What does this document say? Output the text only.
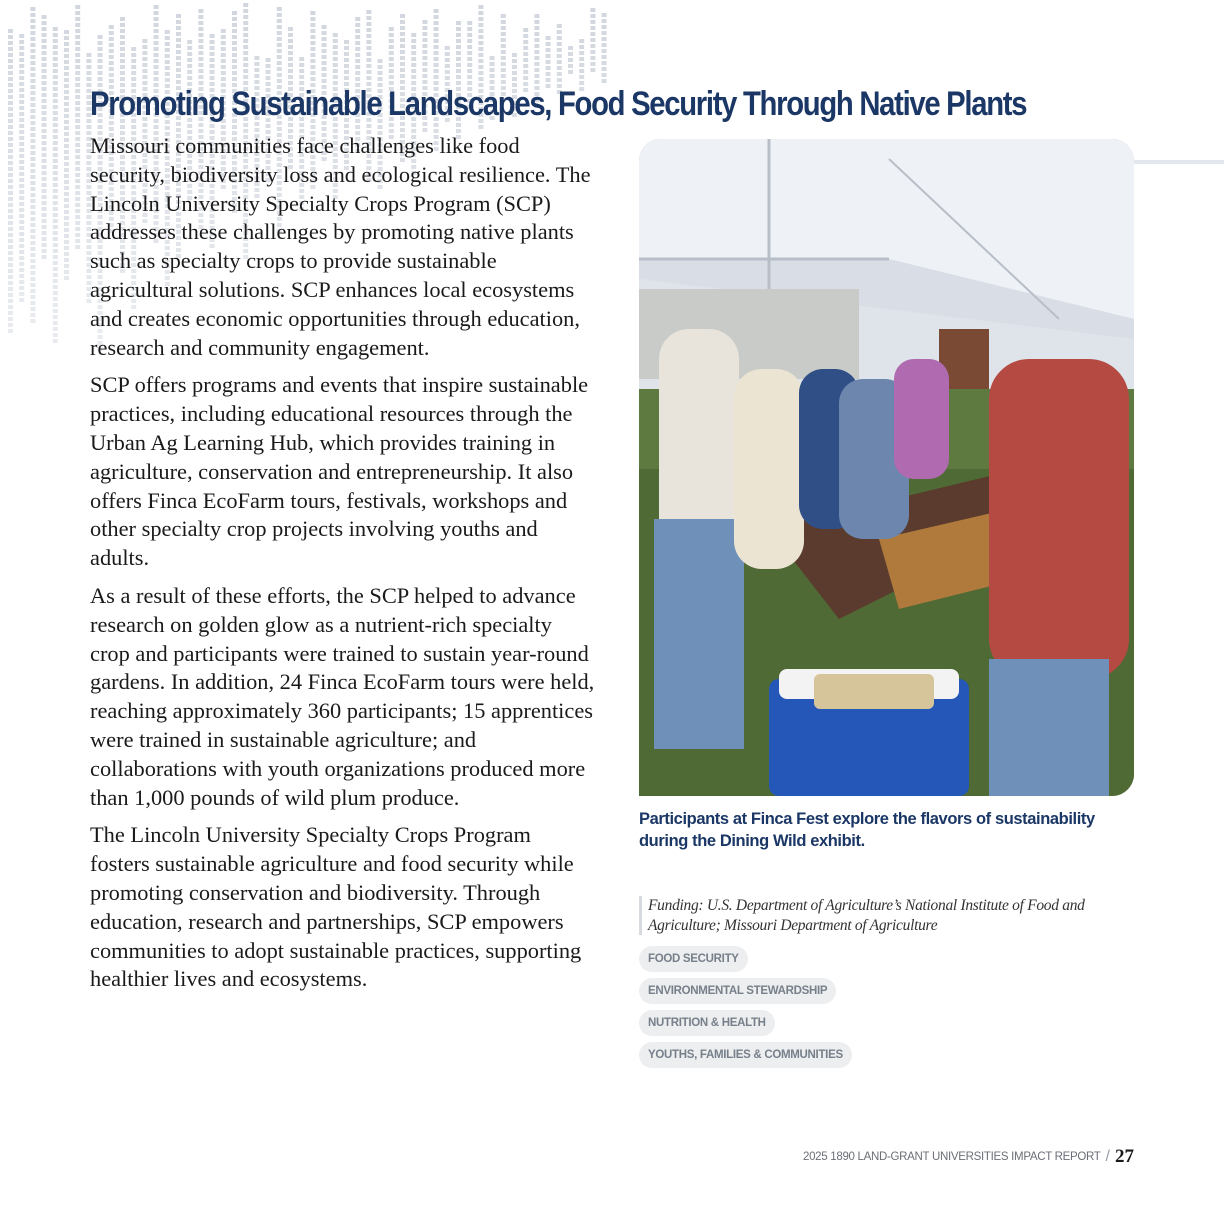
Promoting Sustainable Landscapes, Food Security Through Native Plants

Missouri communities face challenges like food security, biodiversity loss and ecological resilience. The Lincoln University Specialty Crops Program (SCP) addresses these challenges by promoting native plants such as specialty crops to provide sustainable agricultural solutions. SCP enhances local ecosystems and creates economic opportunities through education, research and community engagement.

SCP offers programs and events that inspire sustainable practices, including educational resources through the Urban Ag Learning Hub, which provides training in agriculture, conservation and entrepreneurship. It also offers Finca EcoFarm tours, festivals, workshops and other specialty crop projects involving youths and adults.

As a result of these efforts, the SCP helped to advance research on golden glow as a nutrient-rich specialty crop and participants were trained to sustain year-round gardens. In addition, 24 Finca EcoFarm tours were held, reaching approximately 360 participants; 15 apprentices were trained in sustainable agriculture; and collaborations with youth organizations produced more than 1,000 pounds of wild plum produce.

The Lincoln University Specialty Crops Program fosters sustainable agriculture and food security while promoting conservation and biodiversity. Through education, research and partnerships, SCP empowers communities to adopt sustainable practices, supporting healthier lives and ecosystems.

Participants at Finca Fest explore the flavors of sustainability during the Dining Wild exhibit.
Funding: U.S. Department of Agriculture’s National Institute of Food and Agriculture; Missouri Department of Agriculture
FOOD SECURITY
ENVIRONMENTAL STEWARDSHIP
NUTRITION & HEALTH
YOUTHS, FAMILIES & COMMUNITIES
2025 1890 LAND-GRANT UNIVERSITIES IMPACT REPORT / 27
